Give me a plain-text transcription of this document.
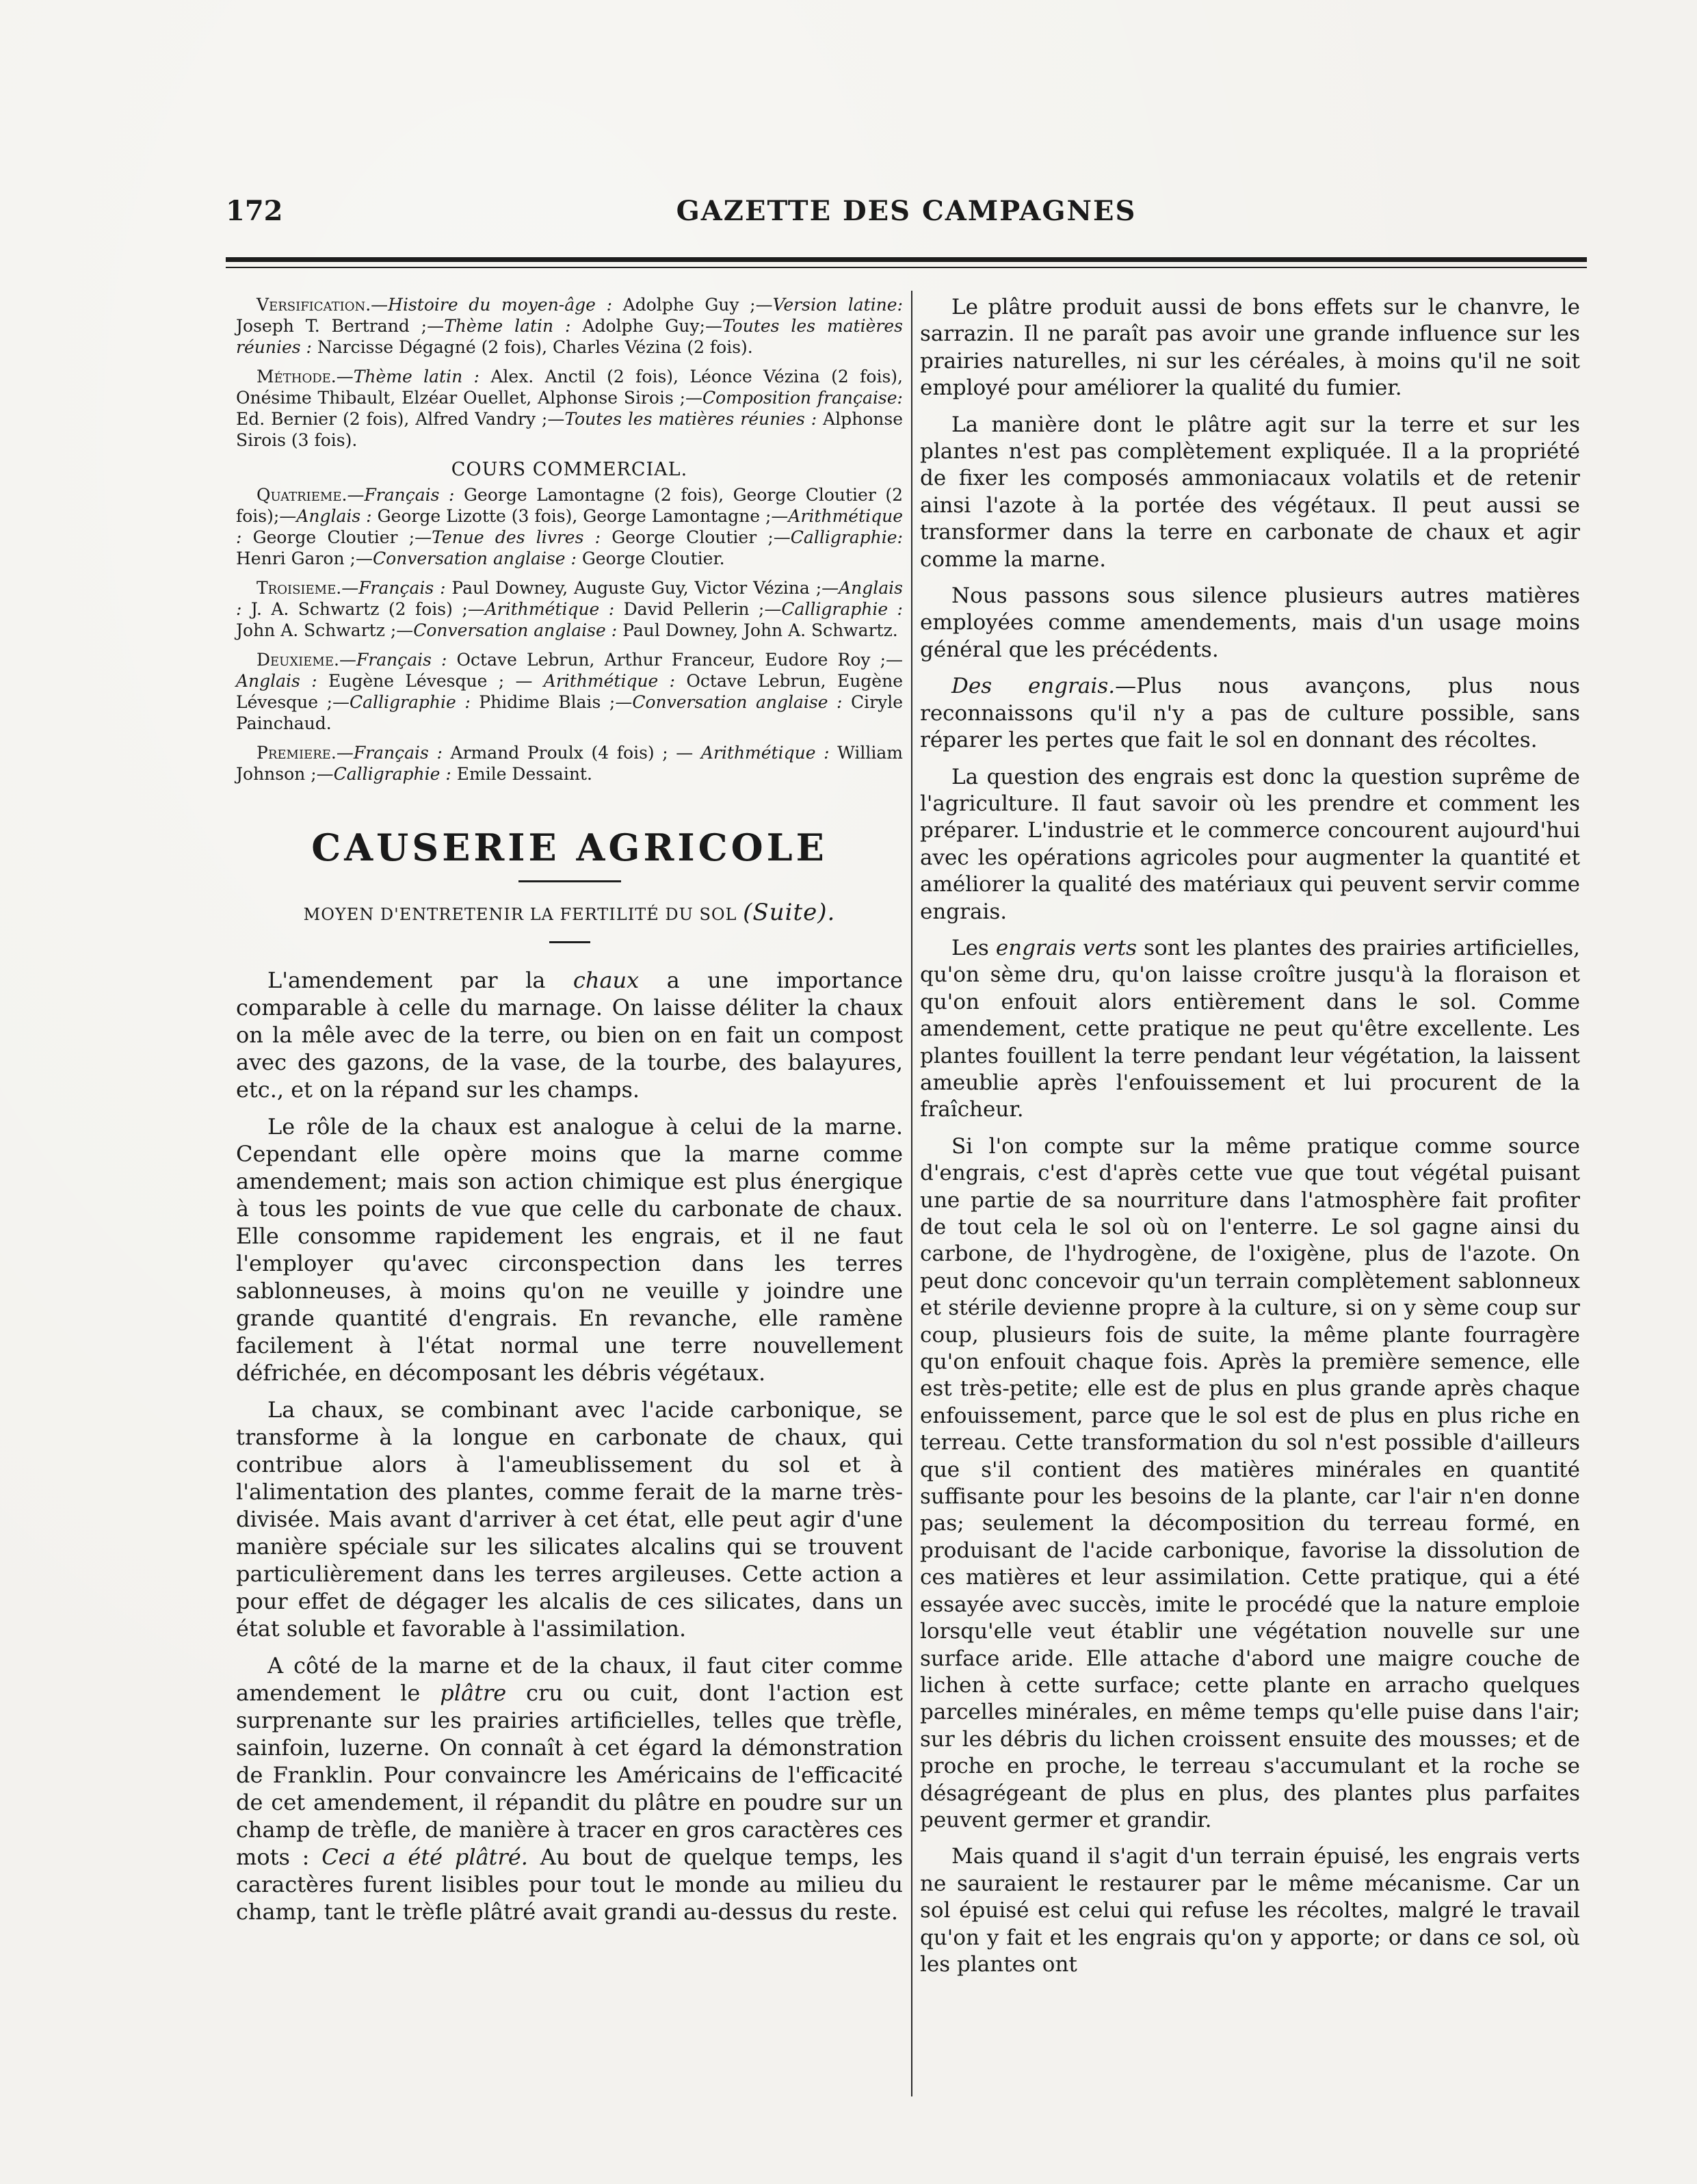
172	GAZETTE DES CAMPAGNES

Versification.—Histoire du moyen-âge : Adolphe Guy ;—Version latine: Joseph T. Bertrand ;—Thème latin : Adolphe Guy;—Toutes les matières réunies : Narcisse Dégagné (2 fois), Charles Vézina (2 fois).

Méthode.—Thème latin : Alex. Anctil (2 fois), Léonce Vézina (2 fois), Onésime Thibault, Elzéar Ouellet, Alphonse Sirois ;—Composition française: Ed. Bernier (2 fois), Alfred Vandry ;—Toutes les matières réunies : Alphonse Sirois (3 fois).

COURS COMMERCIAL.

Quatrieme.—Français : George Lamontagne (2 fois), George Cloutier (2 fois);—Anglais : George Lizotte (3 fois), George Lamontagne ;—Arithmétique : George Cloutier ;—Tenue des livres : George Cloutier ;—Calligraphie: Henri Garon ;—Conversation anglaise : George Cloutier.

Troisieme.—Français : Paul Downey, Auguste Guy, Victor Vézina ;—Anglais : J. A. Schwartz (2 fois) ;—Arithmétique : David Pellerin ;—Calligraphie : John A. Schwartz ;—Conversation anglaise : Paul Downey, John A. Schwartz.

Deuxieme.—Français : Octave Lebrun, Arthur Franceur, Eudore Roy ;—Anglais : Eugène Lévesque ; — Arithmétique : Octave Lebrun, Eugène Lévesque ;—Calligraphie : Phidime Blais ;—Conversation anglaise : Ciryle Painchaud.

Premiere.—Français : Armand Proulx (4 fois) ; — Arithmétique : William Johnson ;—Calligraphie : Emile Dessaint.

CAUSERIE AGRICOLE
MOYEN D'ENTRETENIR LA FERTILITÉ DU SOL (Suite).

L'amendement par la chaux a une importance comparable à celle du marnage. On laisse déliter la chaux on la mêle avec de la terre, ou bien on en fait un compost avec des gazons, de la vase, de la tourbe, des balayures, etc., et on la répand sur les champs.

Le rôle de la chaux est analogue à celui de la marne. Cependant elle opère moins que la marne comme amendement; mais son action chimique est plus énergique à tous les points de vue que celle du carbonate de chaux. Elle consomme rapidement les engrais, et il ne faut l'employer qu'avec circonspection dans les terres sablonneuses, à moins qu'on ne veuille y joindre une grande quantité d'engrais. En revanche, elle ramène facilement à l'état normal une terre nouvellement défrichée, en décomposant les débris végétaux.

La chaux, se combinant avec l'acide carbonique, se transforme à la longue en carbonate de chaux, qui contribue alors à l'ameublissement du sol et à l'alimentation des plantes, comme ferait de la marne très-divisée. Mais avant d'arriver à cet état, elle peut agir d'une manière spéciale sur les silicates alcalins qui se trouvent particulièrement dans les terres argileuses. Cette action a pour effet de dégager les alcalis de ces silicates, dans un état soluble et favorable à l'assimilation.

A côté de la marne et de la chaux, il faut citer comme amendement le plâtre cru ou cuit, dont l'action est surprenante sur les prairies artificielles, telles que trèfle, sainfoin, luzerne. On connaît à cet égard la démonstration de Franklin. Pour convaincre les Américains de l'efficacité de cet amendement, il répandit du plâtre en poudre sur un champ de trèfle, de manière à tracer en gros caractères ces mots : Ceci a été plâtré. Au bout de quelque temps, les caractères furent lisibles pour tout le monde au milieu du champ, tant le trèfle plâtré avait grandi au-dessus du reste.

Le plâtre produit aussi de bons effets sur le chanvre, le sarrazin. Il ne paraît pas avoir une grande influence sur les prairies naturelles, ni sur les céréales, à moins qu'il ne soit employé pour améliorer la qualité du fumier.

La manière dont le plâtre agit sur la terre et sur les plantes n'est pas complètement expliquée. Il a la propriété de fixer les composés ammoniacaux volatils et de retenir ainsi l'azote à la portée des végétaux. Il peut aussi se transformer dans la terre en carbonate de chaux et agir comme la marne.

Nous passons sous silence plusieurs autres matières employées comme amendements, mais d'un usage moins général que les précédents.

Des engrais.—Plus nous avançons, plus nous reconnaissons qu'il n'y a pas de culture possible, sans réparer les pertes que fait le sol en donnant des récoltes.

La question des engrais est donc la question suprême de l'agriculture. Il faut savoir où les prendre et comment les préparer. L'industrie et le commerce concourent aujourd'hui avec les opérations agricoles pour augmenter la quantité et améliorer la qualité des matériaux qui peuvent servir comme engrais.

Les engrais verts sont les plantes des prairies artificielles, qu'on sème dru, qu'on laisse croître jusqu'à la floraison et qu'on enfouit alors entièrement dans le sol. Comme amendement, cette pratique ne peut qu'être excellente. Les plantes fouillent la terre pendant leur végétation, la laissent ameublie après l'enfouissement et lui procurent de la fraîcheur.

Si l'on compte sur la même pratique comme source d'engrais, c'est d'après cette vue que tout végétal puisant une partie de sa nourriture dans l'atmosphère fait profiter de tout cela le sol où on l'enterre. Le sol gagne ainsi du carbone, de l'hydrogène, de l'oxigène, plus de l'azote. On peut donc concevoir qu'un terrain complètement sablonneux et stérile devienne propre à la culture, si on y sème coup sur coup, plusieurs fois de suite, la même plante fourragère qu'on enfouit chaque fois. Après la première semence, elle est très-petite; elle est de plus en plus grande après chaque enfouissement, parce que le sol est de plus en plus riche en terreau. Cette transformation du sol n'est possible d'ailleurs que s'il contient des matières minérales en quantité suffisante pour les besoins de la plante, car l'air n'en donne pas; seulement la décomposition du terreau formé, en produisant de l'acide carbonique, favorise la dissolution de ces matières et leur assimilation. Cette pratique, qui a été essayée avec succès, imite le procédé que la nature emploie lorsqu'elle veut établir une végétation nouvelle sur une surface aride. Elle attache d'abord une maigre couche de lichen à cette surface; cette plante en arracho quelques parcelles minérales, en même temps qu'elle puise dans l'air; sur les débris du lichen croissent ensuite des mousses; et de proche en proche, le terreau s'accumulant et la roche se désagrégeant de plus en plus, des plantes plus parfaites peuvent germer et grandir.

Mais quand il s'agit d'un terrain épuisé, les engrais verts ne sauraient le restaurer par le même mécanisme. Car un sol épuisé est celui qui refuse les récoltes, malgré le travail qu'on y fait et les engrais qu'on y apporte; or dans ce sol, où les plantes ont
